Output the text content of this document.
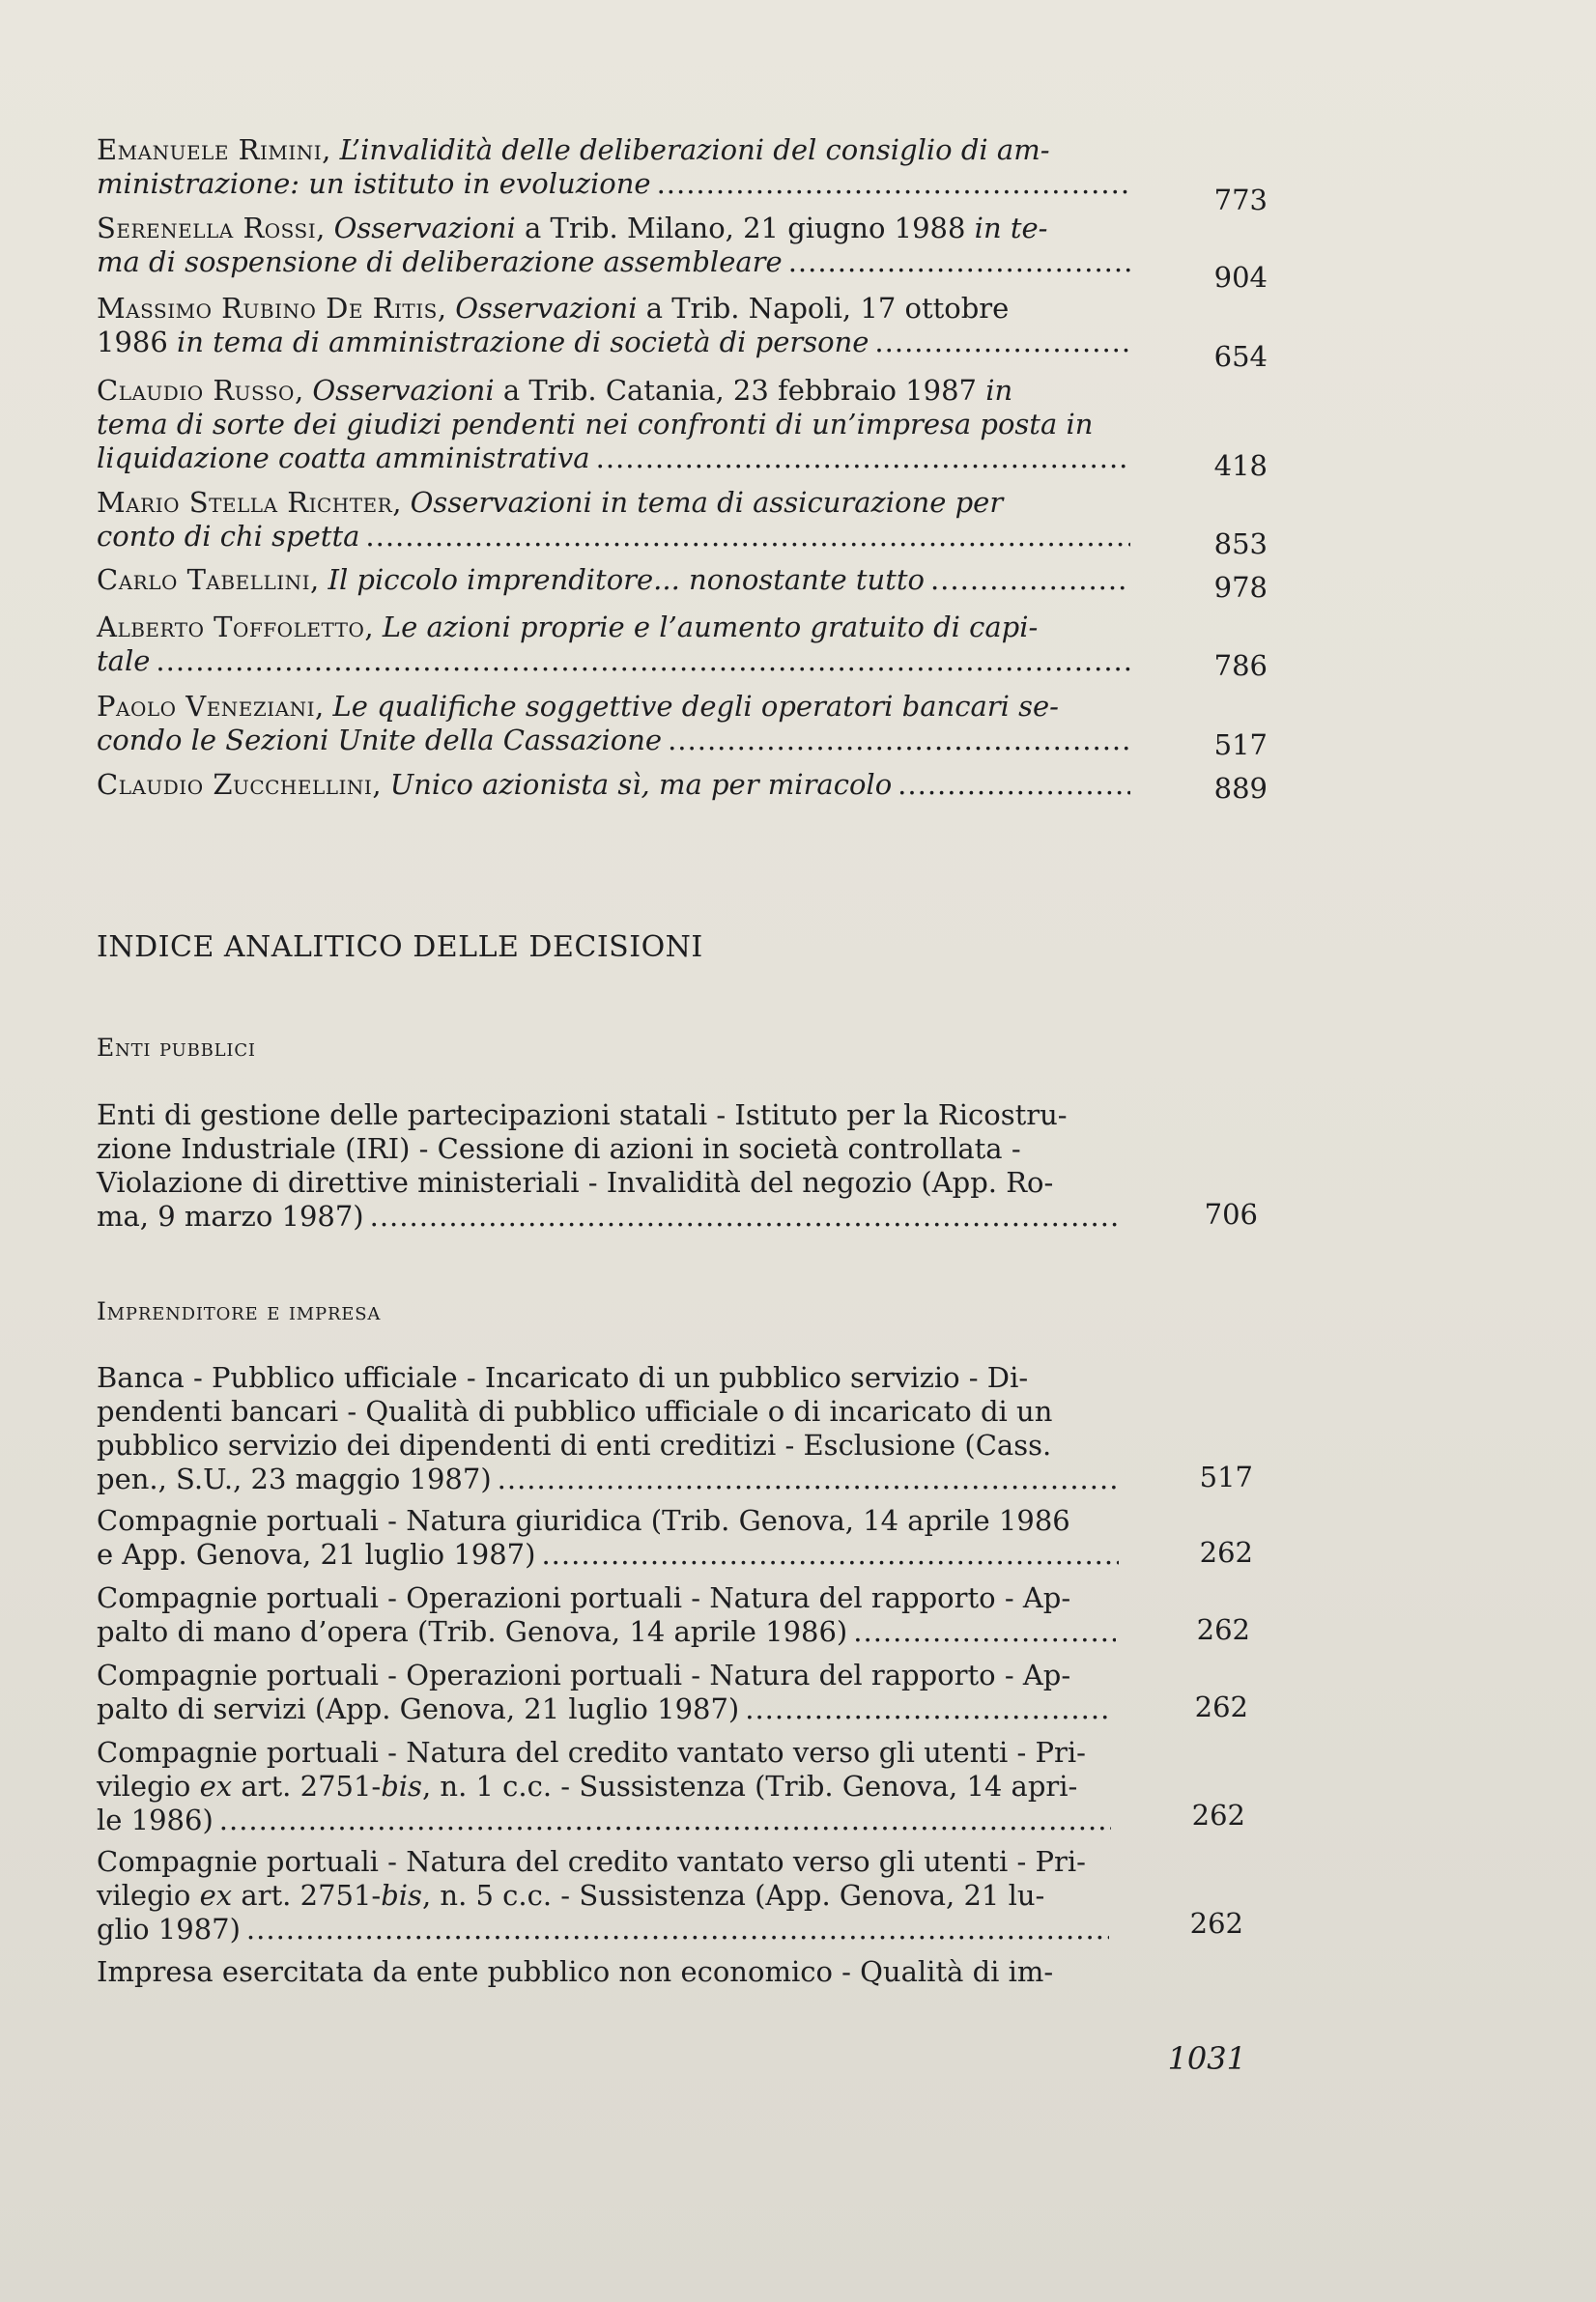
Emanuele Rimini, L’invalidità delle deliberazioni del consiglio di am-
ministrazione: un istituto in evoluzione .....	773
Serenella Rossi, Osservazioni a Trib. Milano, 21 giugno 1988 in te-
ma di sospensione di deliberazione assembleare .....	904
Massimo Rubino De Ritis, Osservazioni a Trib. Napoli, 17 ottobre
1986 in tema di amministrazione di società di persone .....	654
Claudio Russo, Osservazioni a Trib. Catania, 23 febbraio 1987 in
tema di sorte dei giudizi pendenti nei confronti di un’impresa posta in
liquidazione coatta amministrativa .....	418
Mario Stella Richter, Osservazioni in tema di assicurazione per
conto di chi spetta .....	853
Carlo Tabellini, Il piccolo imprenditore... nonostante tutto .....	978
Alberto Toffoletto, Le azioni proprie e l’aumento gratuito di capi-
tale .....	786
Paolo Veneziani, Le qualifiche soggettive degli operatori bancari se-
condo le Sezioni Unite della Cassazione .....	517
Claudio Zucchellini, Unico azionista sì, ma per miracolo .....	889
INDICE ANALITICO DELLE DECISIONI
Enti pubblici
Enti di gestione delle partecipazioni statali - Istituto per la Ricostru-
zione Industriale (IRI) - Cessione di azioni in società controllata -
Violazione di direttive ministeriali - Invalidità del negozio (App. Ro-
ma, 9 marzo 1987) .....	706
Imprenditore e impresa
Banca - Pubblico ufficiale - Incaricato di un pubblico servizio - Di-
pendenti bancari - Qualità di pubblico ufficiale o di incaricato di un
pubblico servizio dei dipendenti di enti creditizi - Esclusione (Cass.
pen., S.U., 23 maggio 1987) .....	517
Compagnie portuali - Natura giuridica (Trib. Genova, 14 aprile 1986
e App. Genova, 21 luglio 1987) .....	262
Compagnie portuali - Operazioni portuali - Natura del rapporto - Ap-
palto di mano d’opera (Trib. Genova, 14 aprile 1986) .....	262
Compagnie portuali - Operazioni portuali - Natura del rapporto - Ap-
palto di servizi (App. Genova, 21 luglio 1987) .....	262
Compagnie portuali - Natura del credito vantato verso gli utenti - Pri-
vilegio ex art. 2751-bis, n. 1 c.c. - Sussistenza (Trib. Genova, 14 apri-
le 1986) .....	262
Compagnie portuali - Natura del credito vantato verso gli utenti - Pri-
vilegio ex art. 2751-bis, n. 5 c.c. - Sussistenza (App. Genova, 21 lu-
glio 1987) .....	262
Impresa esercitata da ente pubblico non economico - Qualità di im-
1031
